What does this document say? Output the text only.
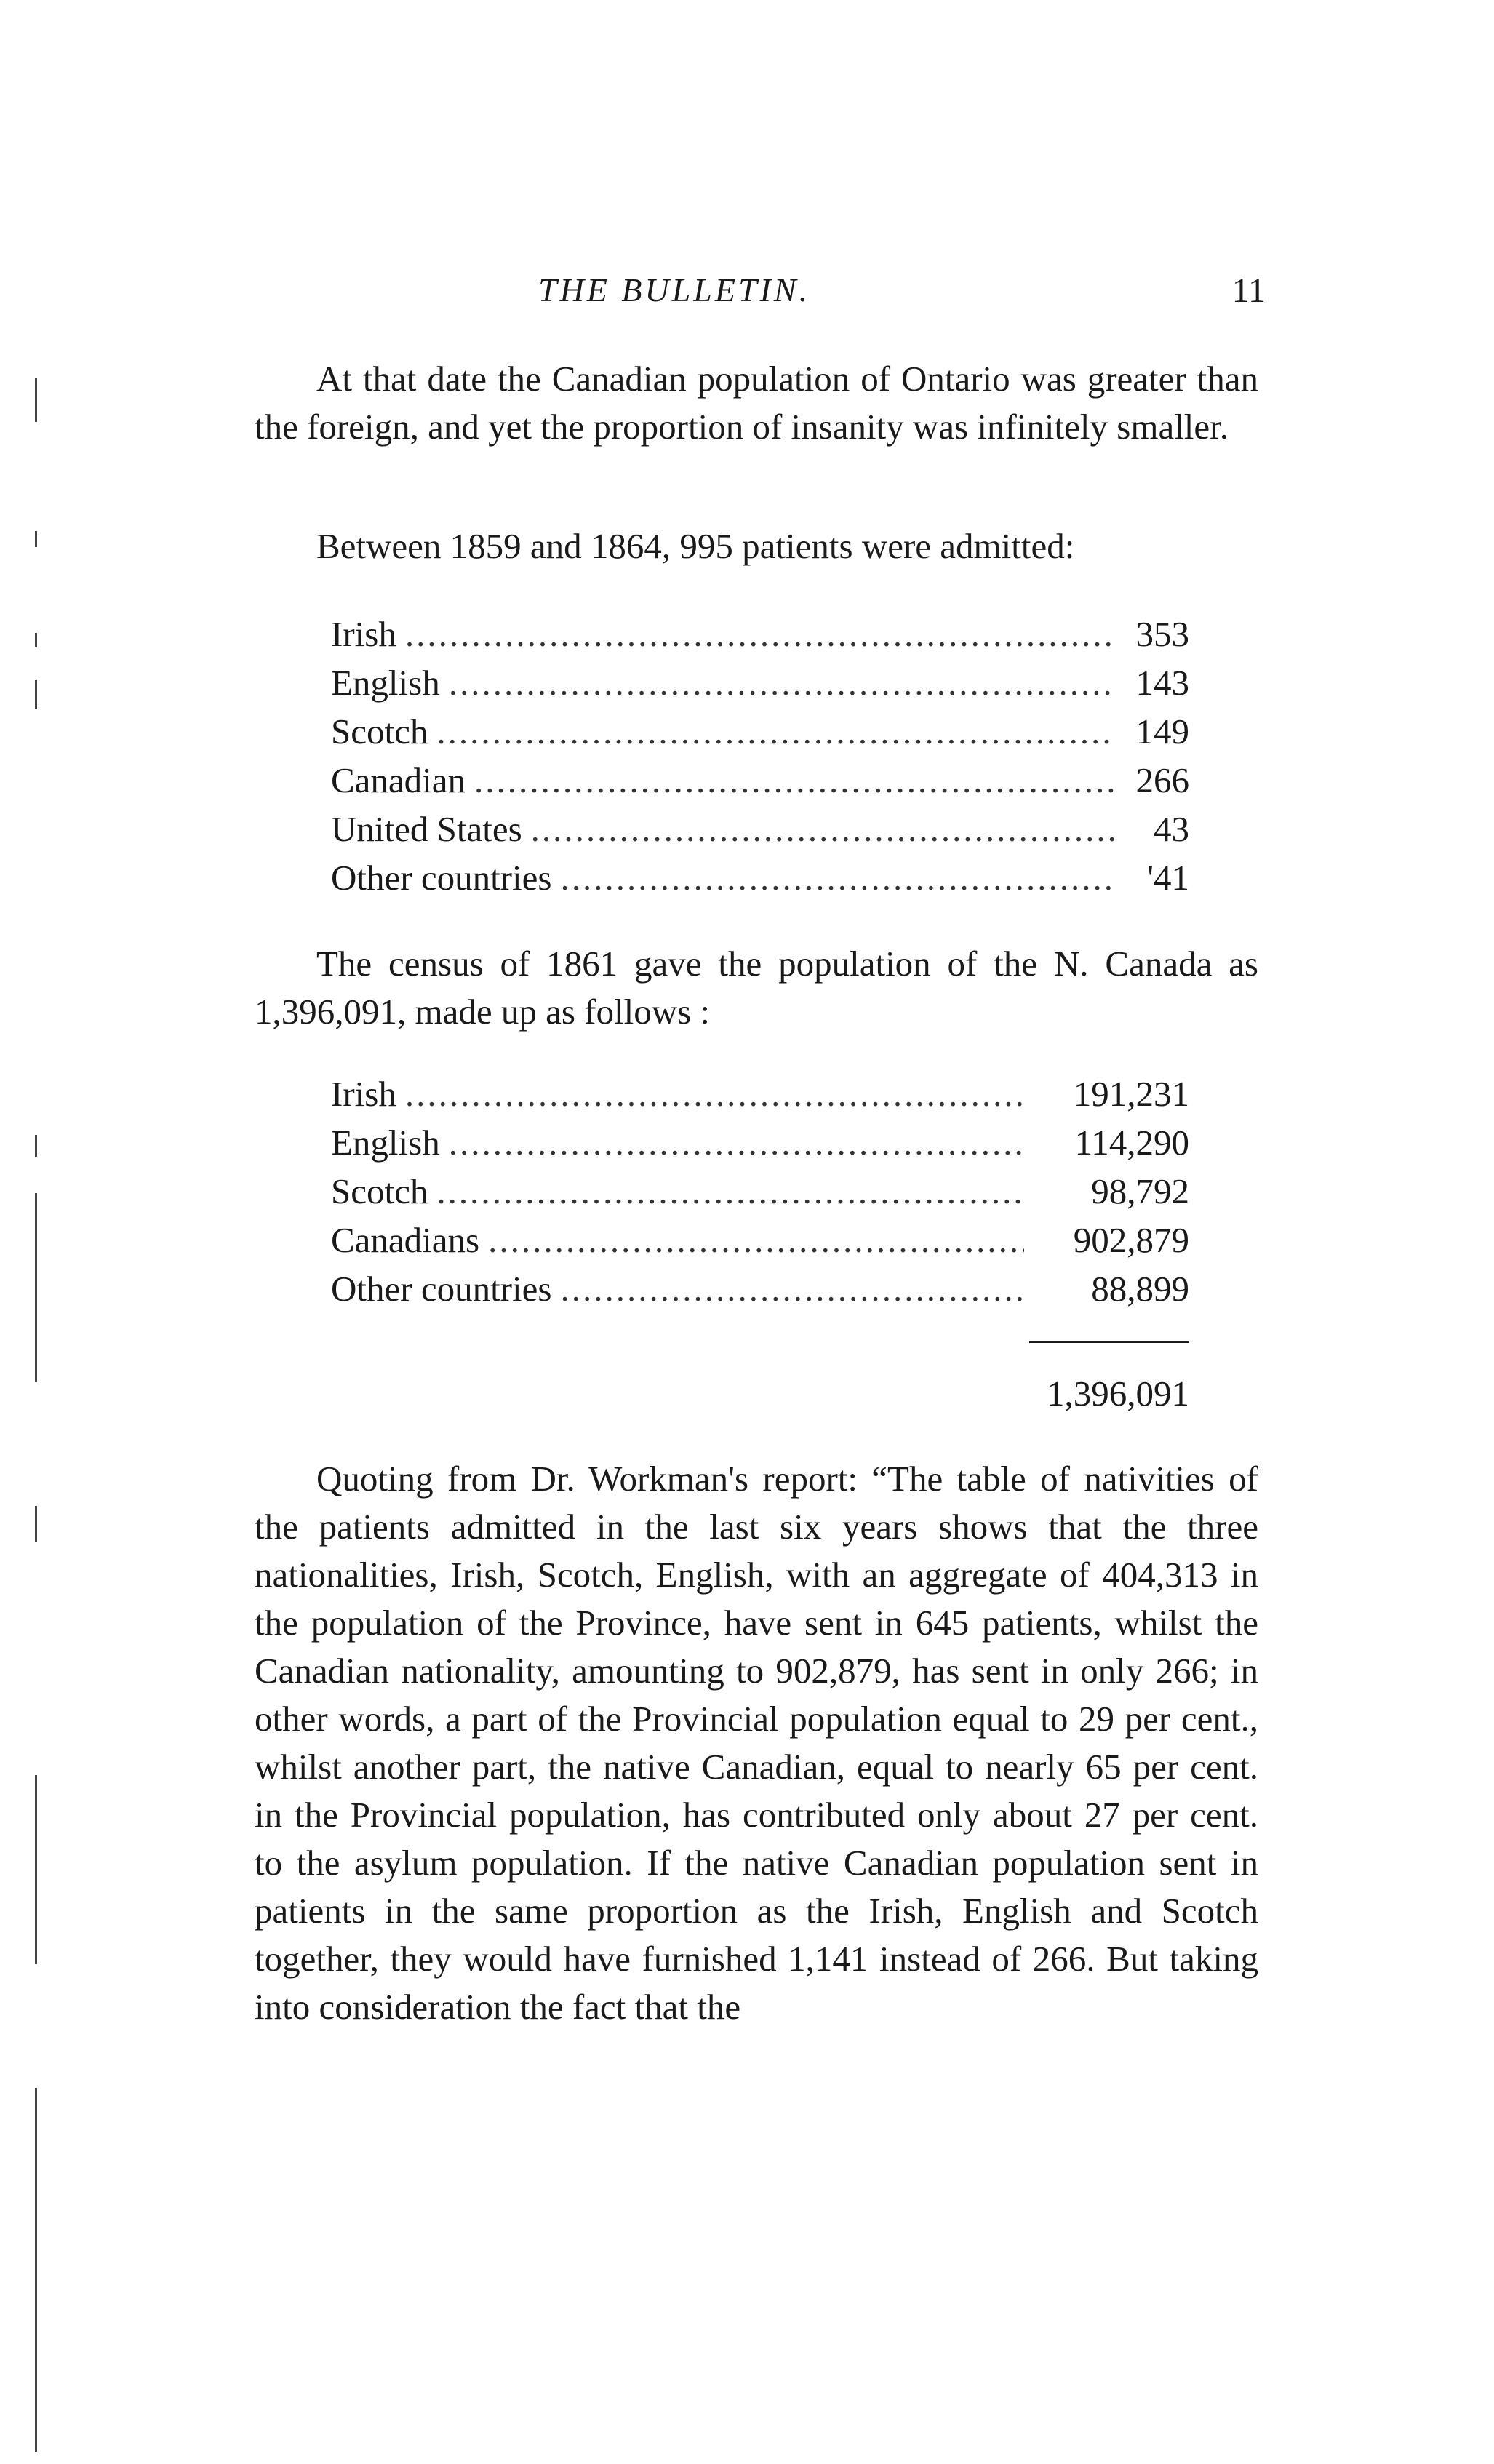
THE BULLETIN.	11

At that date the Canadian population of Ontario was greater than the foreign, and yet the proportion of insanity was infinitely smaller.

Between 1859 and 1864, 995 patients were admitted:

Irish .....	353
English .....	143
Scotch .....	149
Canadian .....	266
United States .....	43
Other countries .....	'41

The census of 1861 gave the population of the N. Canada as 1,396,091, made up as follows :

Irish .....	191,231
English .....	114,290
Scotch .....	98,792
Canadians .....	902,879
Other countries .....	88,899
1,396,091

Quoting from Dr. Workman's report: “The table of nativities of the patients admitted in the last six years shows that the three nationalities, Irish, Scotch, English, with an aggregate of 404,313 in the population of the Province, have sent in 645 patients, whilst the Canadian nationality, amounting to 902,879, has sent in only 266; in other words, a part of the Provincial population equal to 29 per cent., whilst another part, the native Canadian, equal to nearly 65 per cent. in the Provincial population, has contributed only about 27 per cent. to the asylum population. If the native Canadian population sent in patients in the same proportion as the Irish, English and Scotch together, they would have furnished 1,141 instead of 266. But taking into consideration the fact that the
